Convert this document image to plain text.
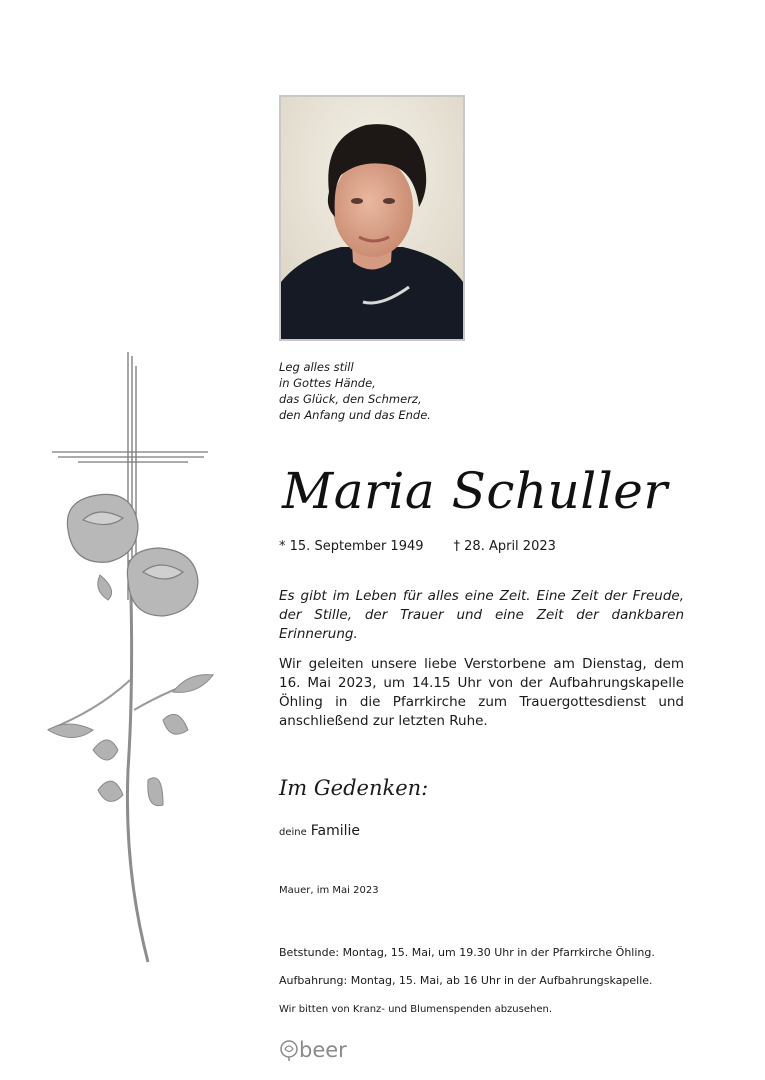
Leg alles still
in Gottes Hände,
das Glück, den Schmerz,
den Anfang und das Ende.
Maria Schuller
* 15. September 1949 † 28. April 2023
Es gibt im Leben für alles eine Zeit. Eine Zeit der Freude, der Stille, der Trauer und eine Zeit der dankbaren Erinnerung.
Wir geleiten unsere liebe Verstorbene am Dienstag, dem 16. Mai 2023, um 14.15 Uhr von der Aufbahrungskapelle Öhling in die Pfarrkirche zum Trauergottesdienst und anschließend zur letzten Ruhe.
Im Gedenken:
deine Familie
Mauer, im Mai 2023
Betstunde: Montag, 15. Mai, um 19.30 Uhr in der Pfarrkirche Öhling.
Aufbahrung: Montag, 15. Mai, ab 16 Uhr in der Aufbahrungskapelle.
Wir bitten von Kranz- und Blumenspenden abzusehen.
beer
